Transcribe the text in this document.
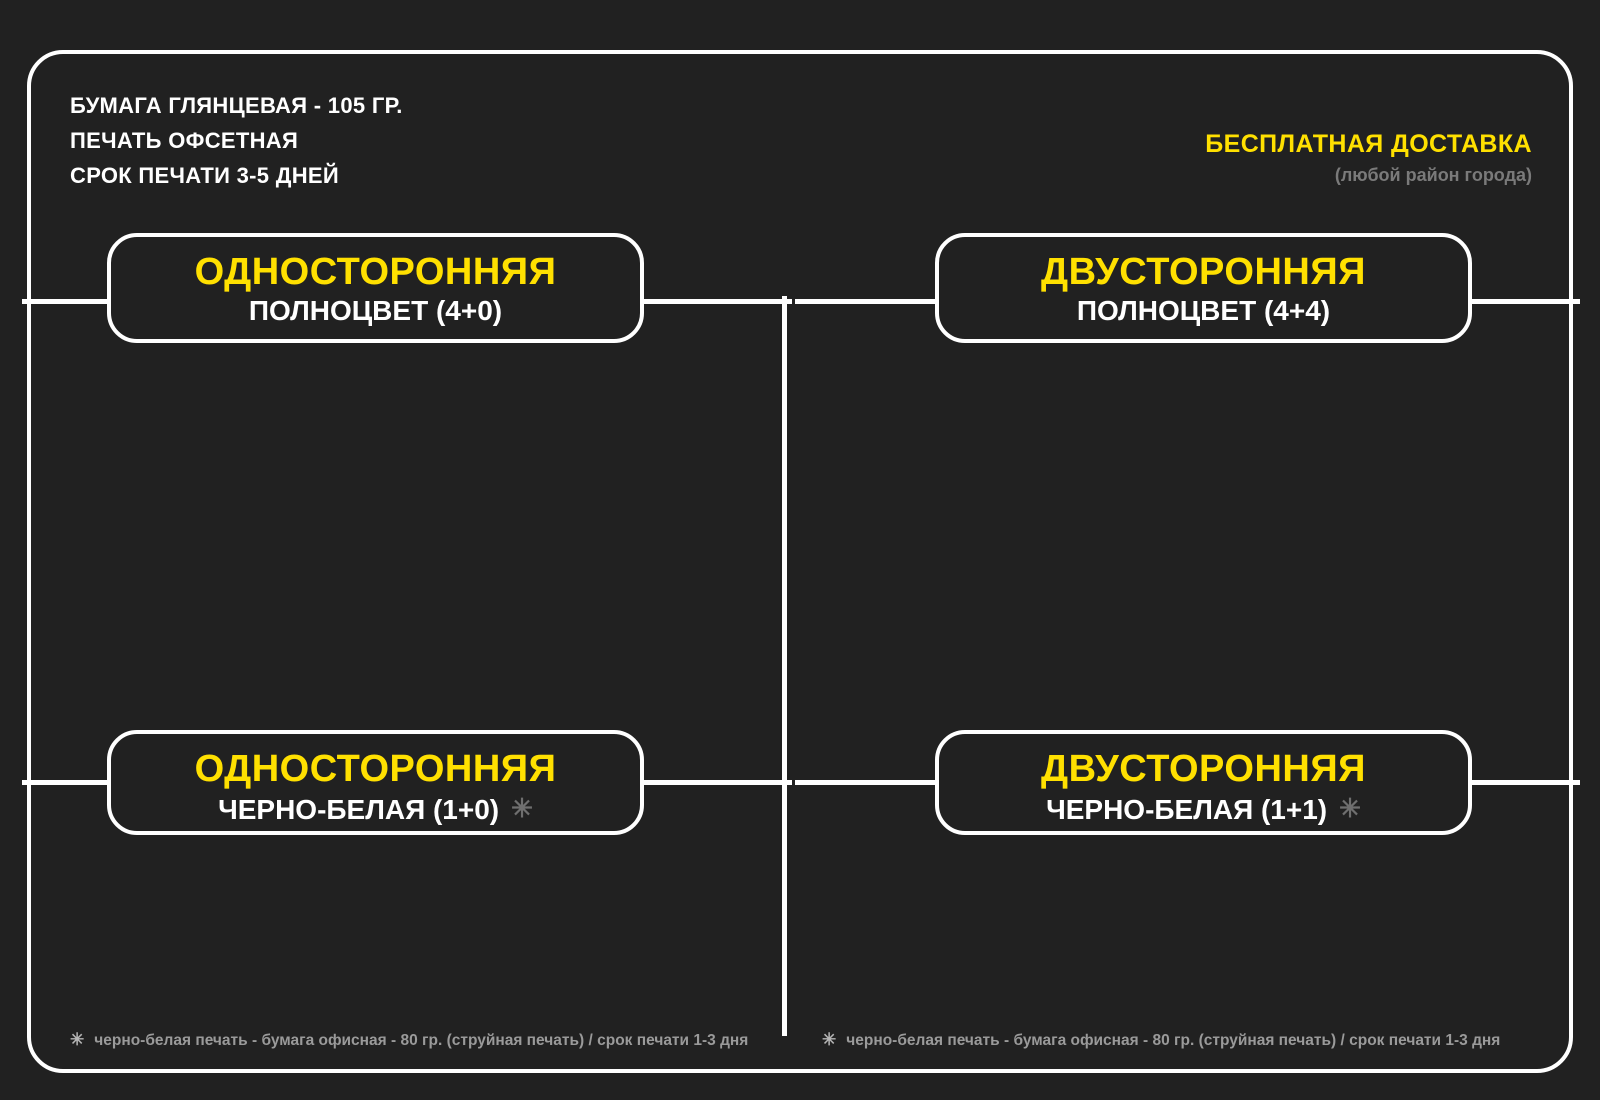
БУМАГА ГЛЯНЦЕВАЯ - 105 ГР.
ПЕЧАТЬ ОФСЕТНАЯ
СРОК ПЕЧАТИ 3-5 ДНЕЙ
БЕСПЛАТНАЯ ДОСТАВКА
(любой район города)
ОДНОСТОРОННЯЯ
ПОЛНОЦВЕТ (4+0)
ДВУСТОРОННЯЯ
ПОЛНОЦВЕТ (4+4)
ОДНОСТОРОННЯЯ
ЧЕРНО-БЕЛАЯ (1+0) ✳
ДВУСТОРОННЯЯ
ЧЕРНО-БЕЛАЯ (1+1) ✳
✳ черно-белая печать - бумага офисная - 80 гр. (струйная печать) / срок печати 1-3 дня	✳ черно-белая печать - бумага офисная - 80 гр. (струйная печать) / срок печати 1-3 дня
